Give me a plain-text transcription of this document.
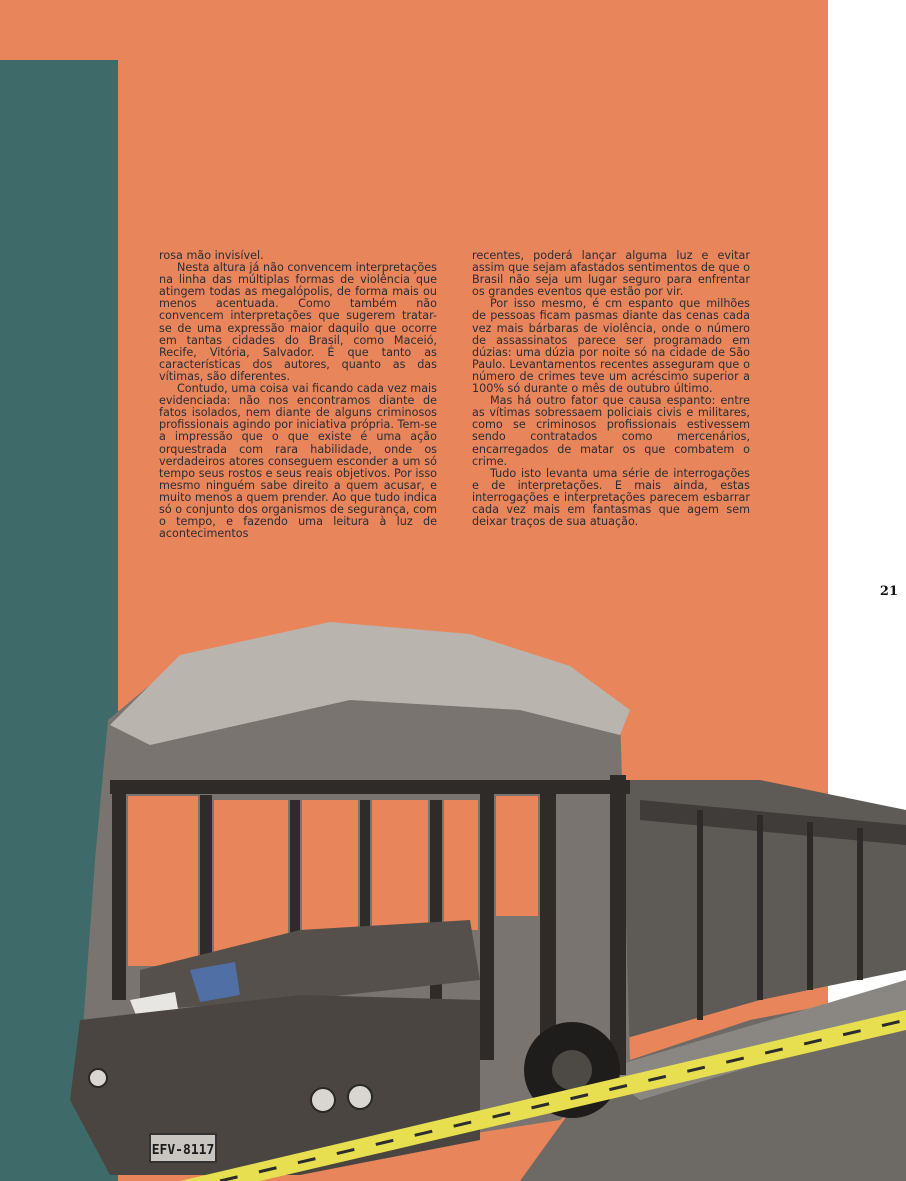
rosa mão invisível.

Nesta altura já não convencem interpretações na linha das múltiplas formas de violência que atingem todas as megalópolis, de forma mais ou menos acentuada. Como também não convencem interpretações que sugerem tratar-se de uma expressão maior daquilo que ocorre em tantas cidades do Brasil, como Maceió, Recife, Vitória, Salvador. É que tanto as características dos autores, quanto as das vítimas, são diferentes.

Contudo, uma coisa vai ficando cada vez mais evidenciada: não nos encontramos diante de fatos isolados, nem diante de alguns criminosos profissionais agindo por iniciativa própria. Tem-se a impressão que o que existe é uma ação orquestrada com rara habilidade, onde os verdadeiros atores conseguem esconder a um só tempo seus rostos e seus reais objetivos. Por isso mesmo ninguém sabe direito a quem acusar, e muito menos a quem prender. Ao que tudo indica só o conjunto dos organismos de segurança, com o tempo, e fazendo uma leitura à luz de acontecimentos

recentes, poderá lançar alguma luz e evitar assim que sejam afastados sentimentos de que o Brasil não seja um lugar seguro para enfrentar os grandes eventos que estão por vir.

Por isso mesmo, é cm espanto que milhões de pessoas ficam pasmas diante das cenas cada vez mais bárbaras de violência, onde o número de assassinatos parece ser programado em dúzias: uma dúzia por noite só na cidade de São Paulo. Levantamentos recentes asseguram que o número de crimes teve um acréscimo superior a 100% só durante o mês de outubro último.

Mas há outro fator que causa espanto: entre as vítimas sobressaem policiais civis e militares, como se criminosos profissionais estivessem sendo contratados como mercenários, encarregados de matar os que combatem o crime.

Tudo isto levanta uma série de interrogações e de interpretações. E mais ainda, estas interrogações e interpretações parecem esbarrar cada vez mais em fantasmas que agem sem deixar traços de sua atuação.

21
EFV-8117
